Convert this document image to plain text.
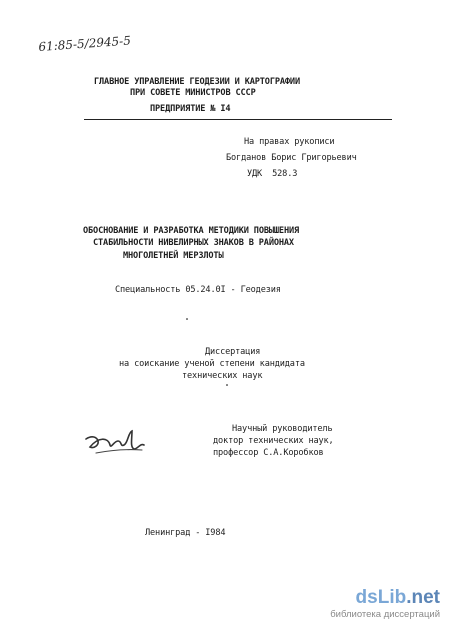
61:85-5/2945-5
ГЛАВНОЕ УПРАВЛЕНИЕ ГЕОДЕЗИИ И КАРТОГРАФИИ
ПРИ СОВЕТЕ МИНИСТРОВ СССР
ПРЕДПРИЯТИЕ № I4
На правах рукописи
Богданов Борис Григорьевич
УДК  528.3
ОБОСНОВАНИЕ И РАЗРАБОТКА МЕТОДИКИ ПОВЫШЕНИЯ
СТАБИЛЬНОСТИ НИВЕЛИРНЫХ ЗНАКОВ В РАЙОНАХ
МНОГОЛЕТНЕЙ МЕРЗЛОТЫ
Специальность 05.24.0I - Геодезия
Диссертация
на соискание ученой степени кандидата
технических наук
Научный руководитель
доктор технических наук,
профессор С.А.Коробков
Ленинград - I984
dsLib.net
библиотека диссертаций
